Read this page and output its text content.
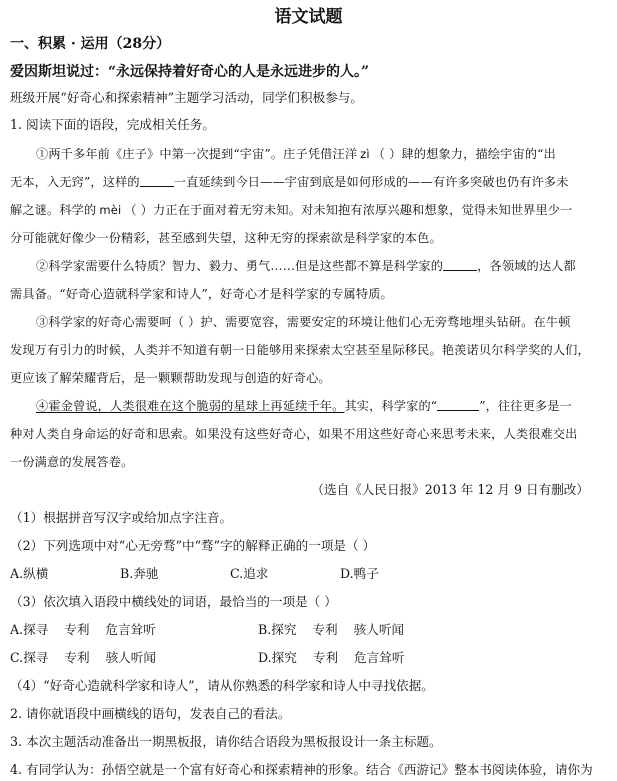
语文试题
一、积累 · 运用（28分）
爱因斯坦说过：“永远保持着好奇心的人是永远进步的人。”
班级开展“好奇心和探索精神”主题学习活动，同学们积极参与。
1. 阅读下面的语段，完成相关任务。
①两千多年前《庄子》中第一次提到“宇宙”。庄子凭借汪洋 zì （ ）肆的想象力，描绘宇宙的“出
无本，入无窍”，这样的	一直延续到今日——宇宙到底是如何形成的——有许多突破也仍有许多未
解之谜。科学的 mèi （ ）力正在于面对着无穷未知。对未知抱有浓厚兴趣和想象，觉得未知世界里少一
分可能就好像少一份精彩，甚至感到失望，这种无穷的探索欲是科学家的本色。
②科学家需要什么特质？智力、毅力、勇气……但是这些都不算是科学家的	，各领域的达人都
需具备。“好奇心造就科学家和诗人”，好奇心才是科学家的专属特质。
③科学家的好奇心需要呵（ ）护、需要宽容，需要安定的环境让他们心无旁骛地埋头钻研。在牛顿
发现万有引力的时候，人类并不知道有朝一日能够用来探索太空甚至星际移民。艳羡诺贝尔科学奖的人们，
更应该了解荣耀背后，是一颗颗帮助发现与创造的好奇心。
④霍金曾说，人类很难在这个脆弱的星球上再延续千年。其实，科学家的“	”，往往更多是一
种对人类自身命运的好奇和思索。如果没有这些好奇心，如果不用这些好奇心来思考未来，人类很难交出
一份满意的发展答卷。
（选自《人民日报》2013 年 12 月 9 日有删改）
（1）根据拼音写汉字或给加点字注音。
（2）下列选项中对“心无旁骛”中“骛”字的解释正确的一项是（ ）
A.纵横	B.奔驰	C.追求	D.鸭子
（3）依次填入语段中横线处的词语，最恰当的一项是（ ）
A.探寻    专利    危言耸听	B.探究    专利    骇人听闻
C.探寻    专利    骇人听闻	D.探究    专利    危言耸听
（4）“好奇心造就科学家和诗人”，请从你熟悉的科学家和诗人中寻找依据。
2. 请你就语段中画横线的语句，发表自己的看法。
3. 本次主题活动准备出一期黑板报，请你结合语段为黑板报设计一条主标题。
4. 有同学认为：孙悟空就是一个富有好奇心和探索精神的形象。结合《西游记》整本书阅读体验，请你为
